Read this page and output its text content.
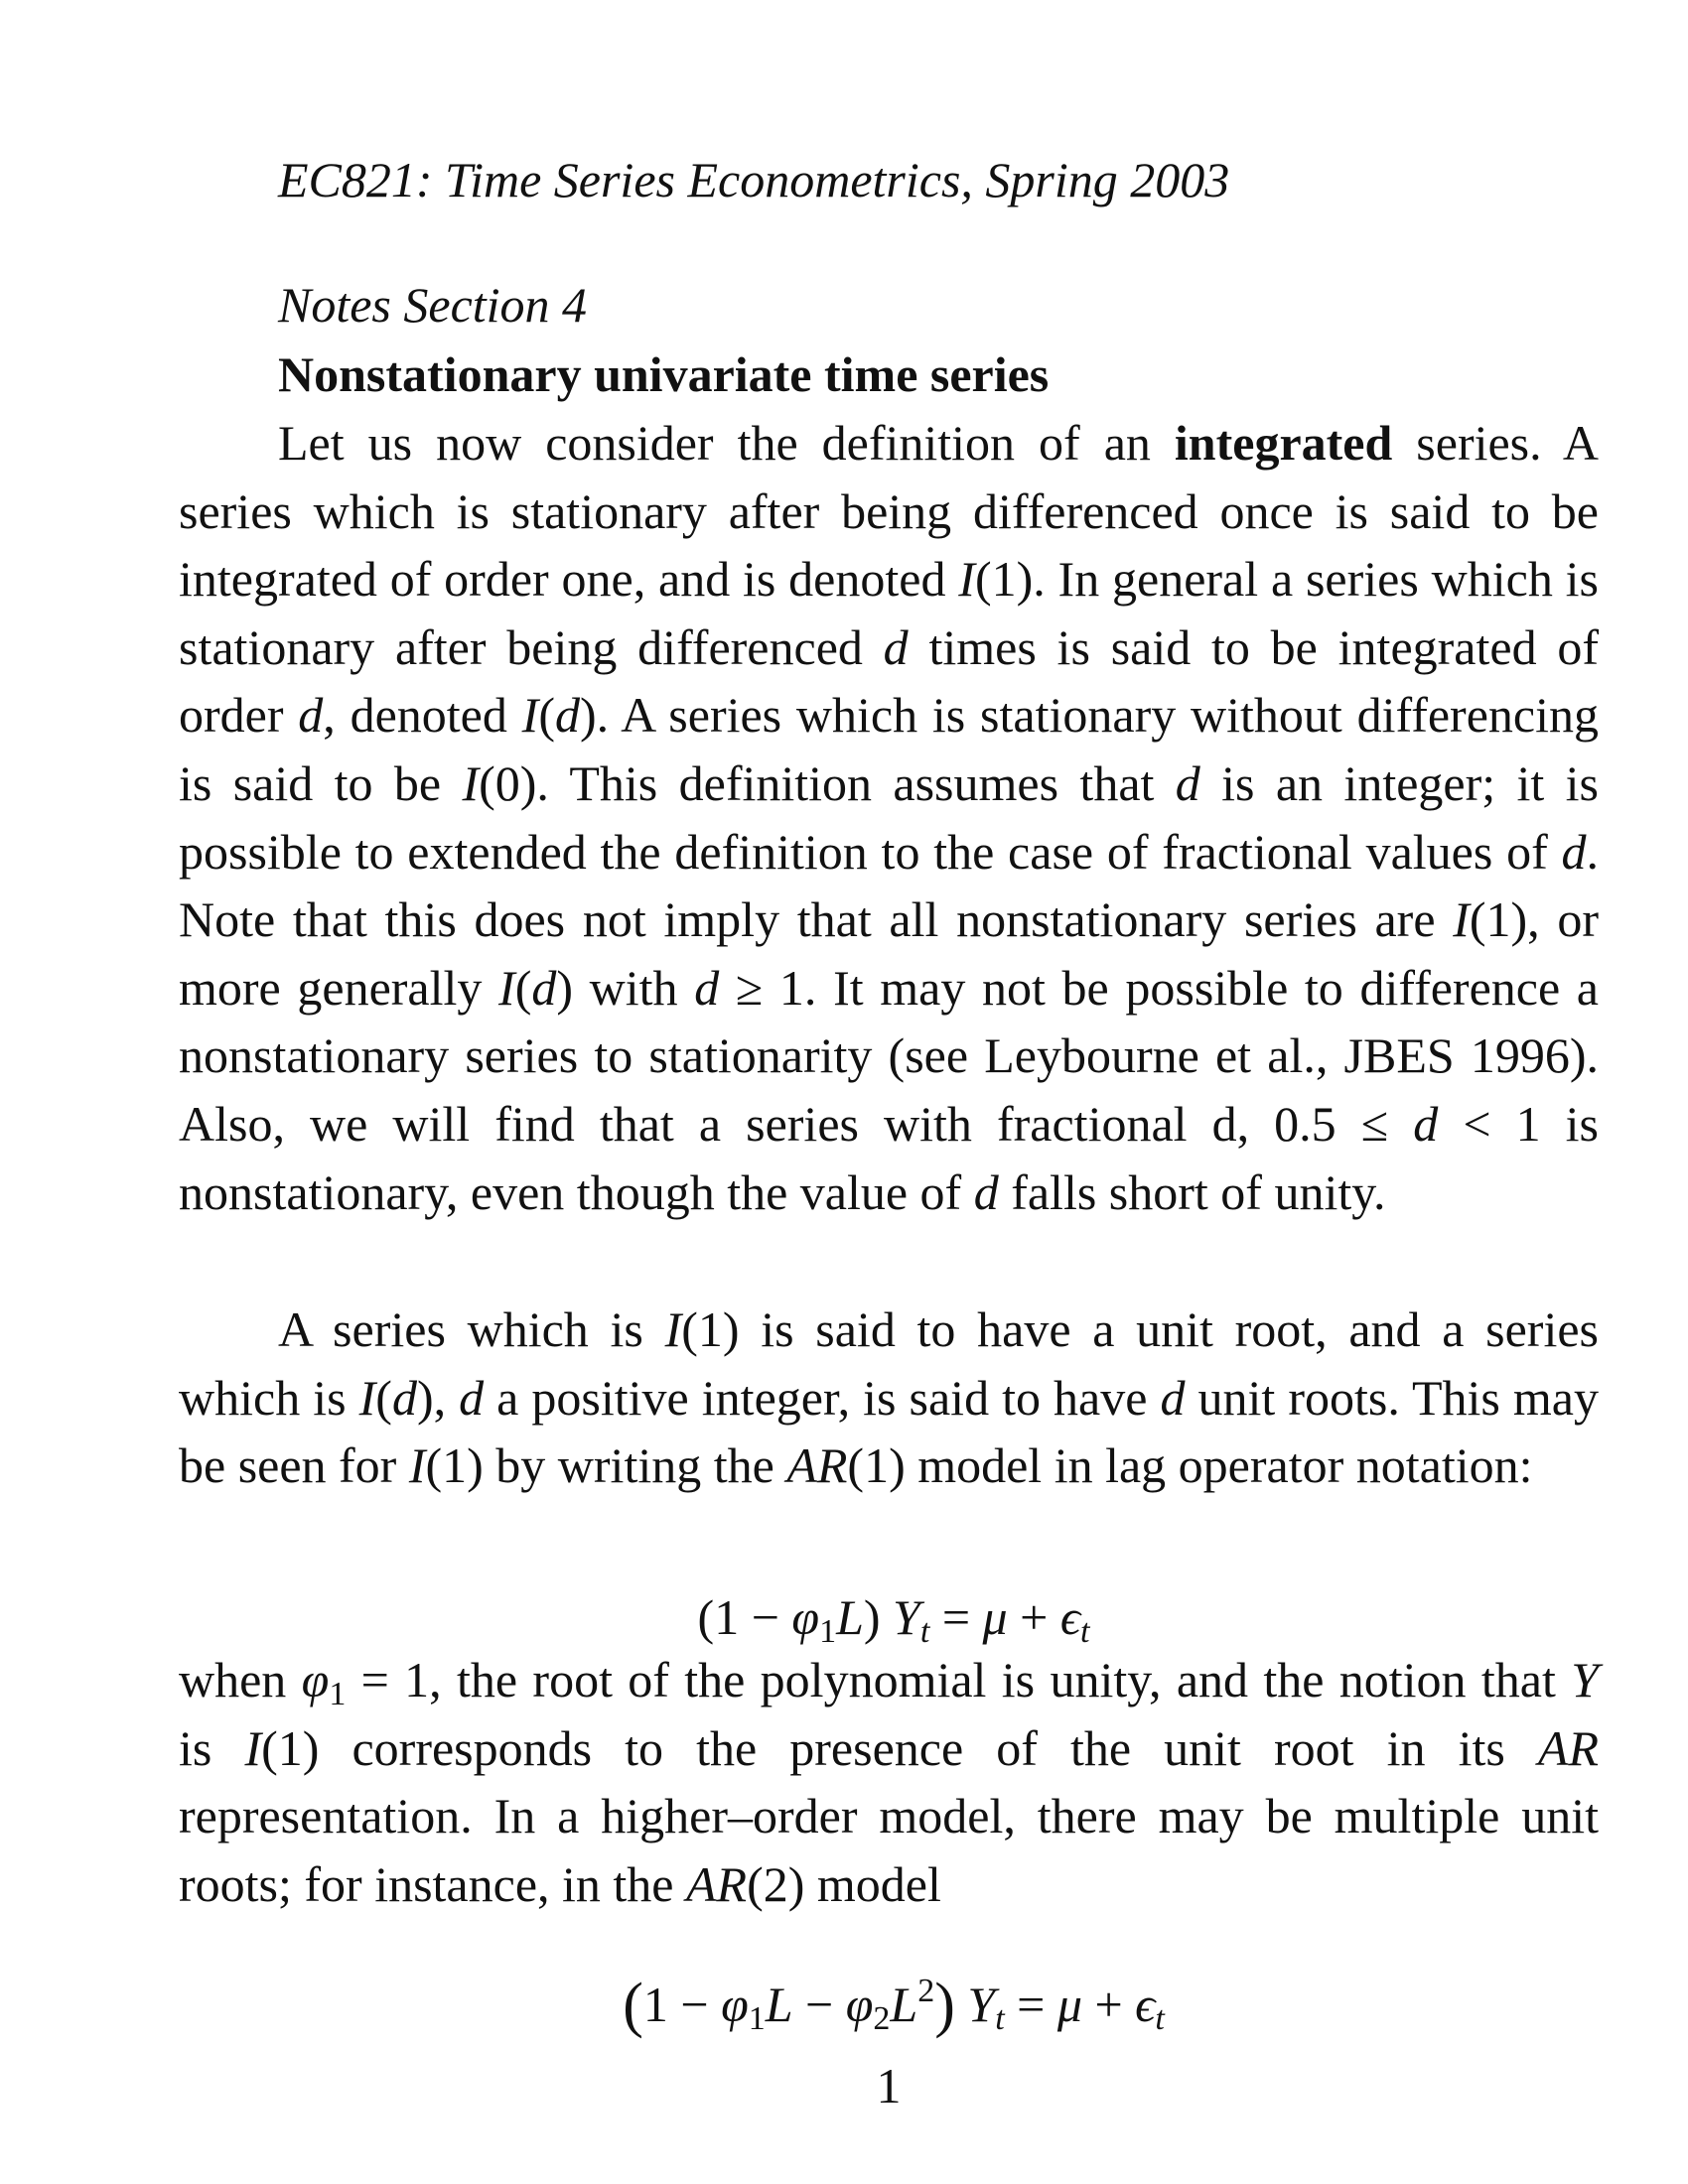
EC821: Time Series Econometrics, Spring 2003
Notes Section 4
Nonstationary univariate time series

Let us now consider the definition of an integrated series. A series which is stationary after being differenced once is said to be integrated of order one, and is denoted I(1). In general a series which is stationary after being differenced d times is said to be integrated of order d, denoted I(d). A series which is stationary without differencing is said to be I(0). This definition assumes that d is an integer; it is possible to extended the definition to the case of fractional values of d. Note that this does not imply that all nonstationary series are I(1), or more generally I(d) with d ≥ 1. It may not be possible to difference a nonstationary series to stationarity (see Leybourne et al., JBES 1996). Also, we will find that a series with fractional d, 0.5 ≤ d < 1 is nonstationary, even though the value of d falls short of unity.

A series which is I(1) is said to have a unit root, and a series which is I(d), d a positive integer, is said to have d unit roots. This may be seen for I(1) by writing the AR(1) model in lag operator notation:

$(1 - \varphi_1L)$ $Y_t = \mu + \epsilon_t$

when $\varphi_1 = 1$, the root of the polynomial is unity, and the notion that Y is I(1) corresponds to the presence of the unit root in its AR representation. In a higher–order model, there may be multiple unit roots; for instance, in the AR(2) model

$(1 - \varphi_1L - \varphi_2L^2)$ $Y_t = \mu + \epsilon_t$
1
